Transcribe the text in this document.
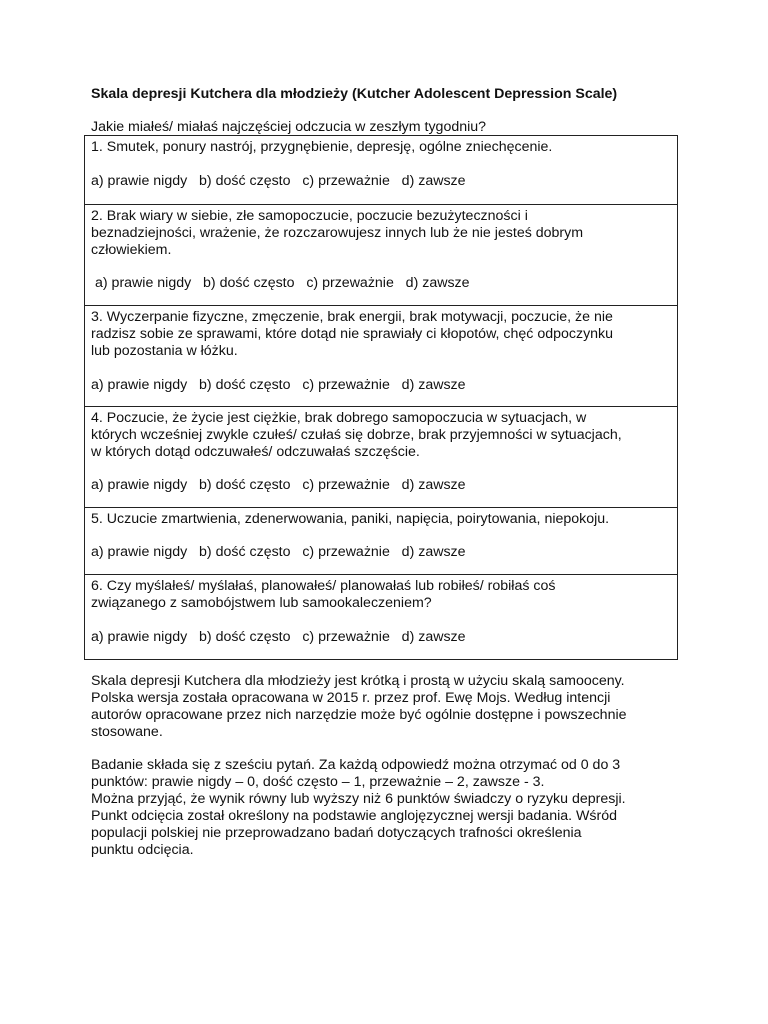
Skala depresji Kutchera dla młodzieży (Kutcher Adolescent Depression Scale)
Jakie miałeś/ miałaś najczęściej odczucia w zeszłym tygodniu?
1. Smutek, ponury nastrój, przygnębienie, depresję, ogólne zniechęcenie.
a) prawie nigdy   b) dość często   c) przeważnie   d) zawsze
2. Brak wiary w siebie, złe samopoczucie, poczucie bezużyteczności i
beznadziejności, wrażenie, że rozczarowujesz innych lub że nie jesteś dobrym
człowiekiem.
a) prawie nigdy   b) dość często   c) przeważnie   d) zawsze
3. Wyczerpanie fizyczne, zmęczenie, brak energii, brak motywacji, poczucie, że nie
radzisz sobie ze sprawami, które dotąd nie sprawiały ci kłopotów, chęć odpoczynku
lub pozostania w łóżku.
a) prawie nigdy   b) dość często   c) przeważnie   d) zawsze
4. Poczucie, że życie jest ciężkie, brak dobrego samopoczucia w sytuacjach, w
których wcześniej zwykle czułeś/ czułaś się dobrze, brak przyjemności w sytuacjach,
w których dotąd odczuwałeś/ odczuwałaś szczęście.
a) prawie nigdy   b) dość często   c) przeważnie   d) zawsze
5. Uczucie zmartwienia, zdenerwowania, paniki, napięcia, poirytowania, niepokoju.
a) prawie nigdy   b) dość często   c) przeważnie   d) zawsze
6. Czy myślałeś/ myślałaś, planowałeś/ planowałaś lub robiłeś/ robiłaś coś
związanego z samobójstwem lub samookaleczeniem?
a) prawie nigdy   b) dość często   c) przeważnie   d) zawsze
Skala depresji Kutchera dla młodzieży jest krótką i prostą w użyciu skalą samooceny.
Polska wersja została opracowana w 2015 r. przez prof. Ewę Mojs. Według intencji
autorów opracowane przez nich narzędzie może być ogólnie dostępne i powszechnie
stosowane.
Badanie składa się z sześciu pytań. Za każdą odpowiedź można otrzymać od 0 do 3
punktów: prawie nigdy – 0, dość często – 1, przeważnie – 2, zawsze - 3.
Można przyjąć, że wynik równy lub wyższy niż 6 punktów świadczy o ryzyku depresji.
Punkt odcięcia został określony na podstawie anglojęzycznej wersji badania. Wśród
populacji polskiej nie przeprowadzano badań dotyczących trafności określenia
punktu odcięcia.
